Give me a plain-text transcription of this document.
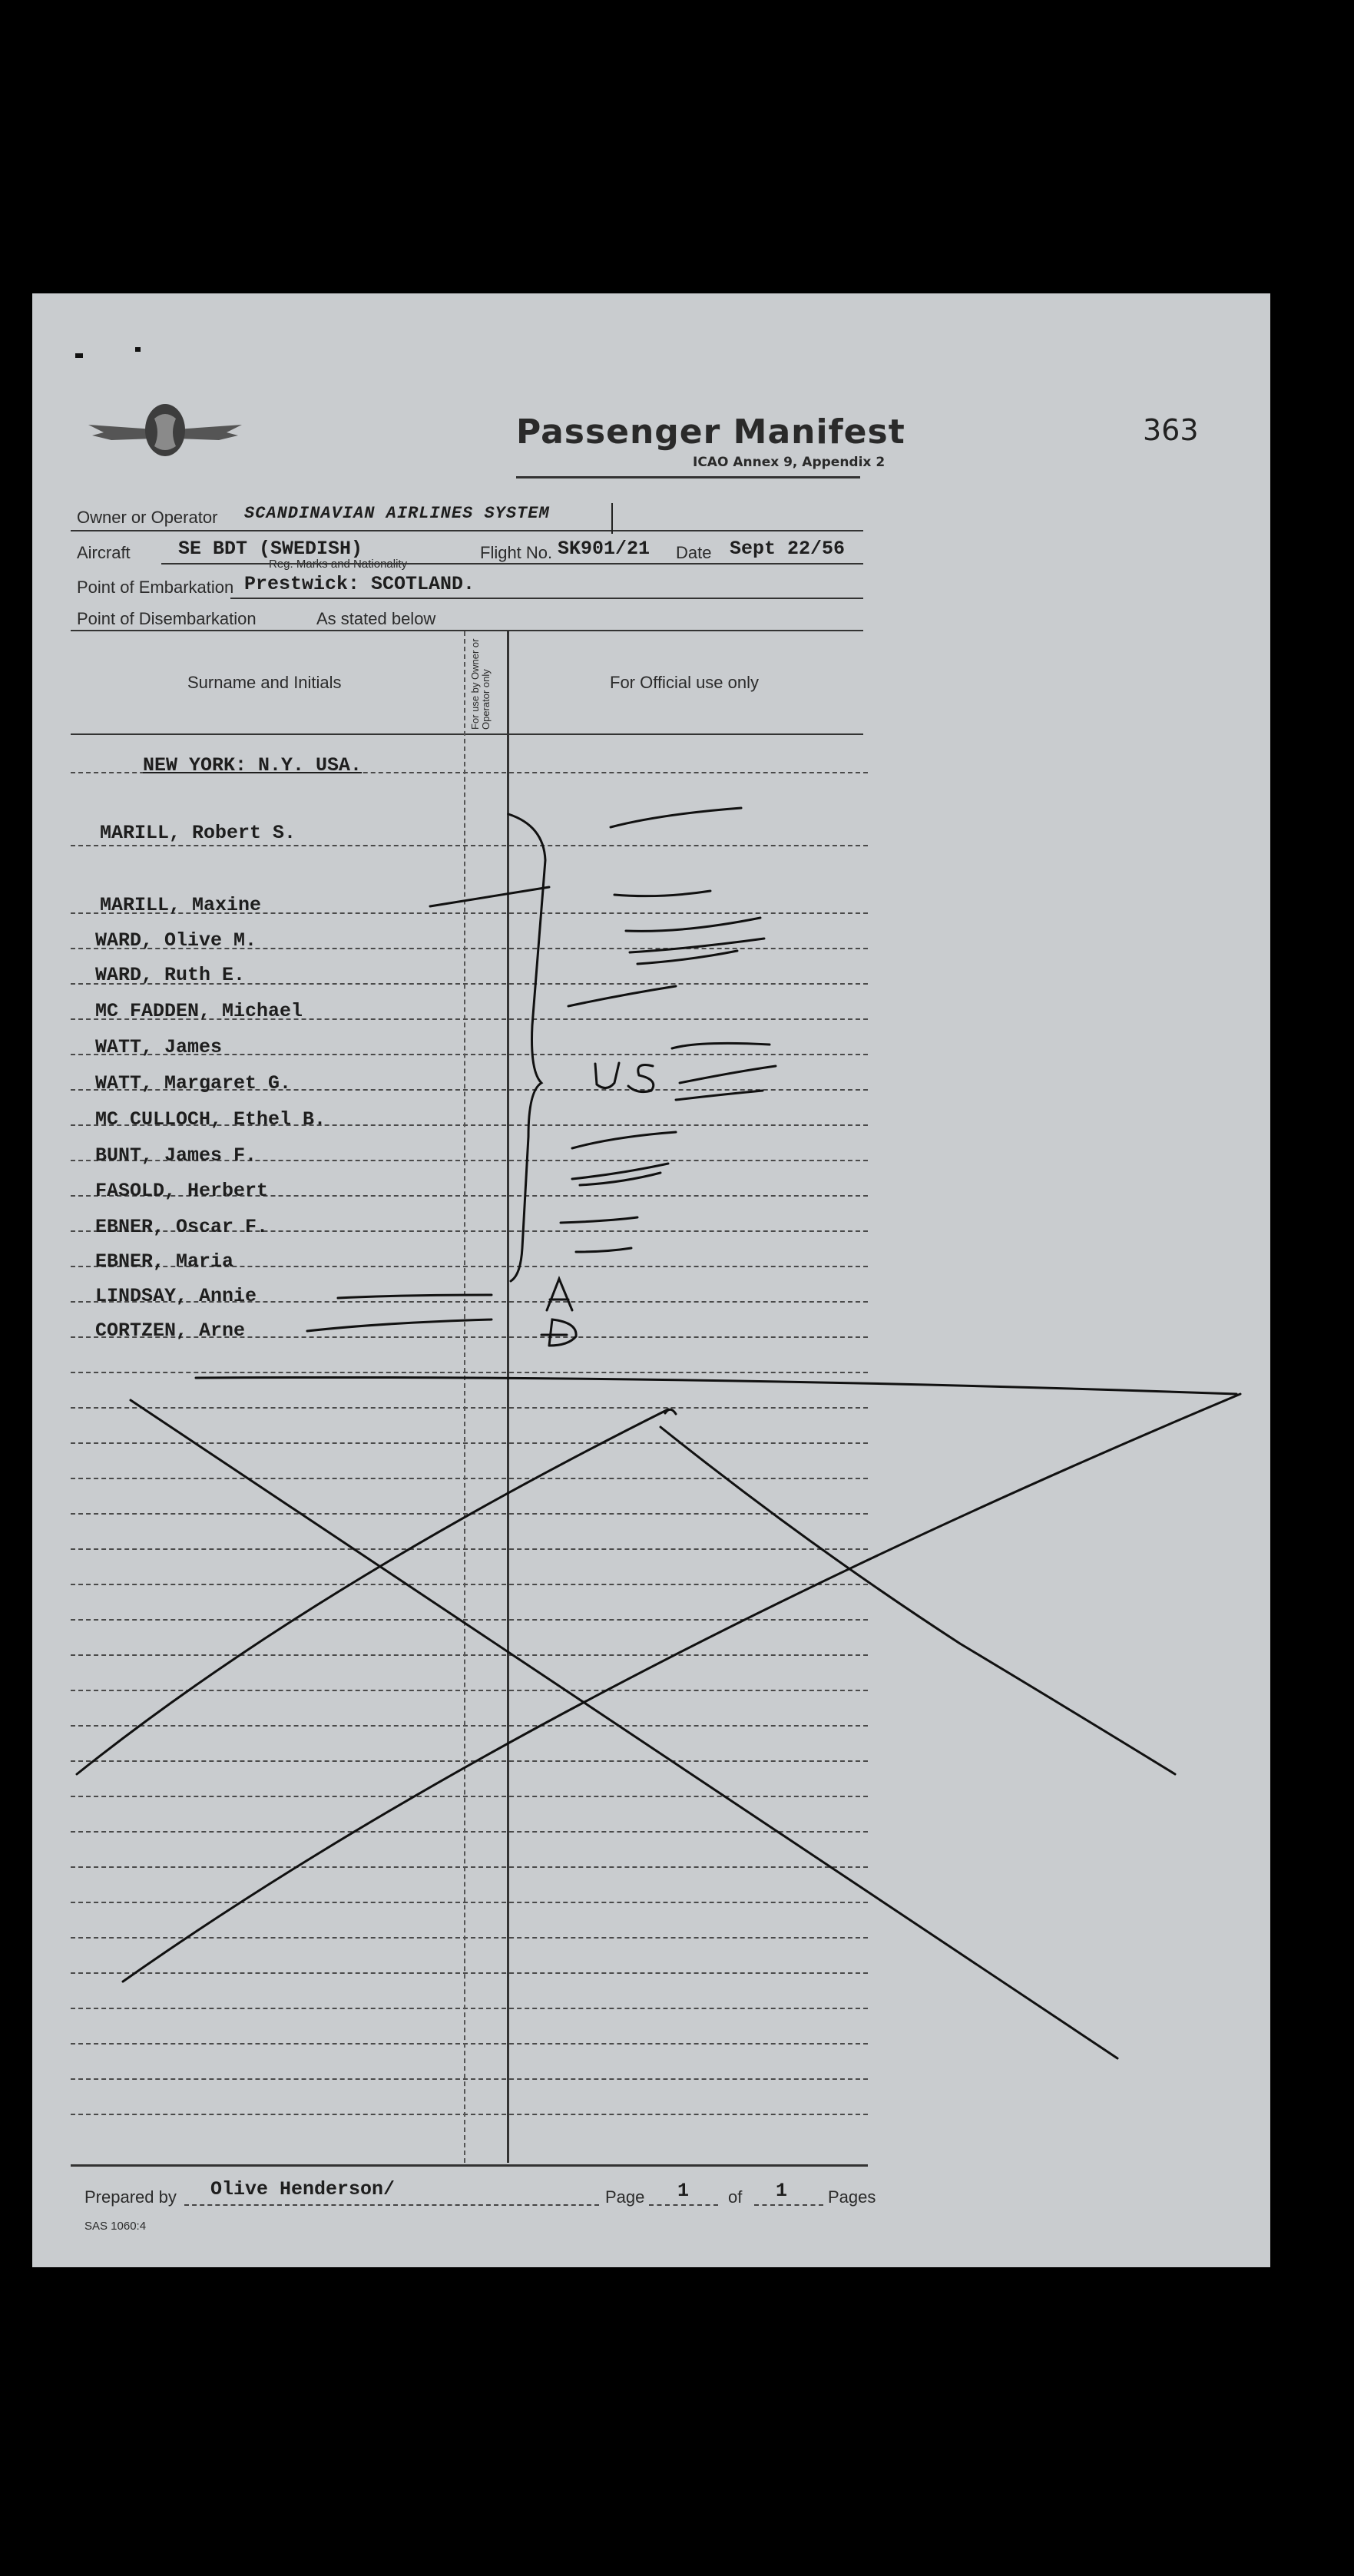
363
Passenger Manifest
ICAO Annex 9, Appendix 2
Owner or Operator SCANDINAVIAN AIRLINES SYSTEM
Aircraft SE BDT (SWEDISH)
Reg. Marks and Nationality
Flight No. SK901/21 Date Sept 22/56
Point of Embarkation Prestwick: SCOTLAND.
Point of Disembarkation	As stated below
Surname and Initials	For use by Owner or Operator only	For Official use only
NEW YORK: N.Y. USA.
MARILL, Robert S.
MARILL, Maxine
WARD, Olive M.
WARD, Ruth E.
MC FADDEN, Michael
WATT, James
WATT, Margaret G.
MC CULLOCH, Ethel B.
BUNT, James F.
FASOLD, Herbert
EBNER, Oscar F.
EBNER, Maria
LINDSAY, Annie
CORTZEN, Arne
Prepared by Olive Henderson/	Page 1 of 1 Pages
SAS 1060:4
